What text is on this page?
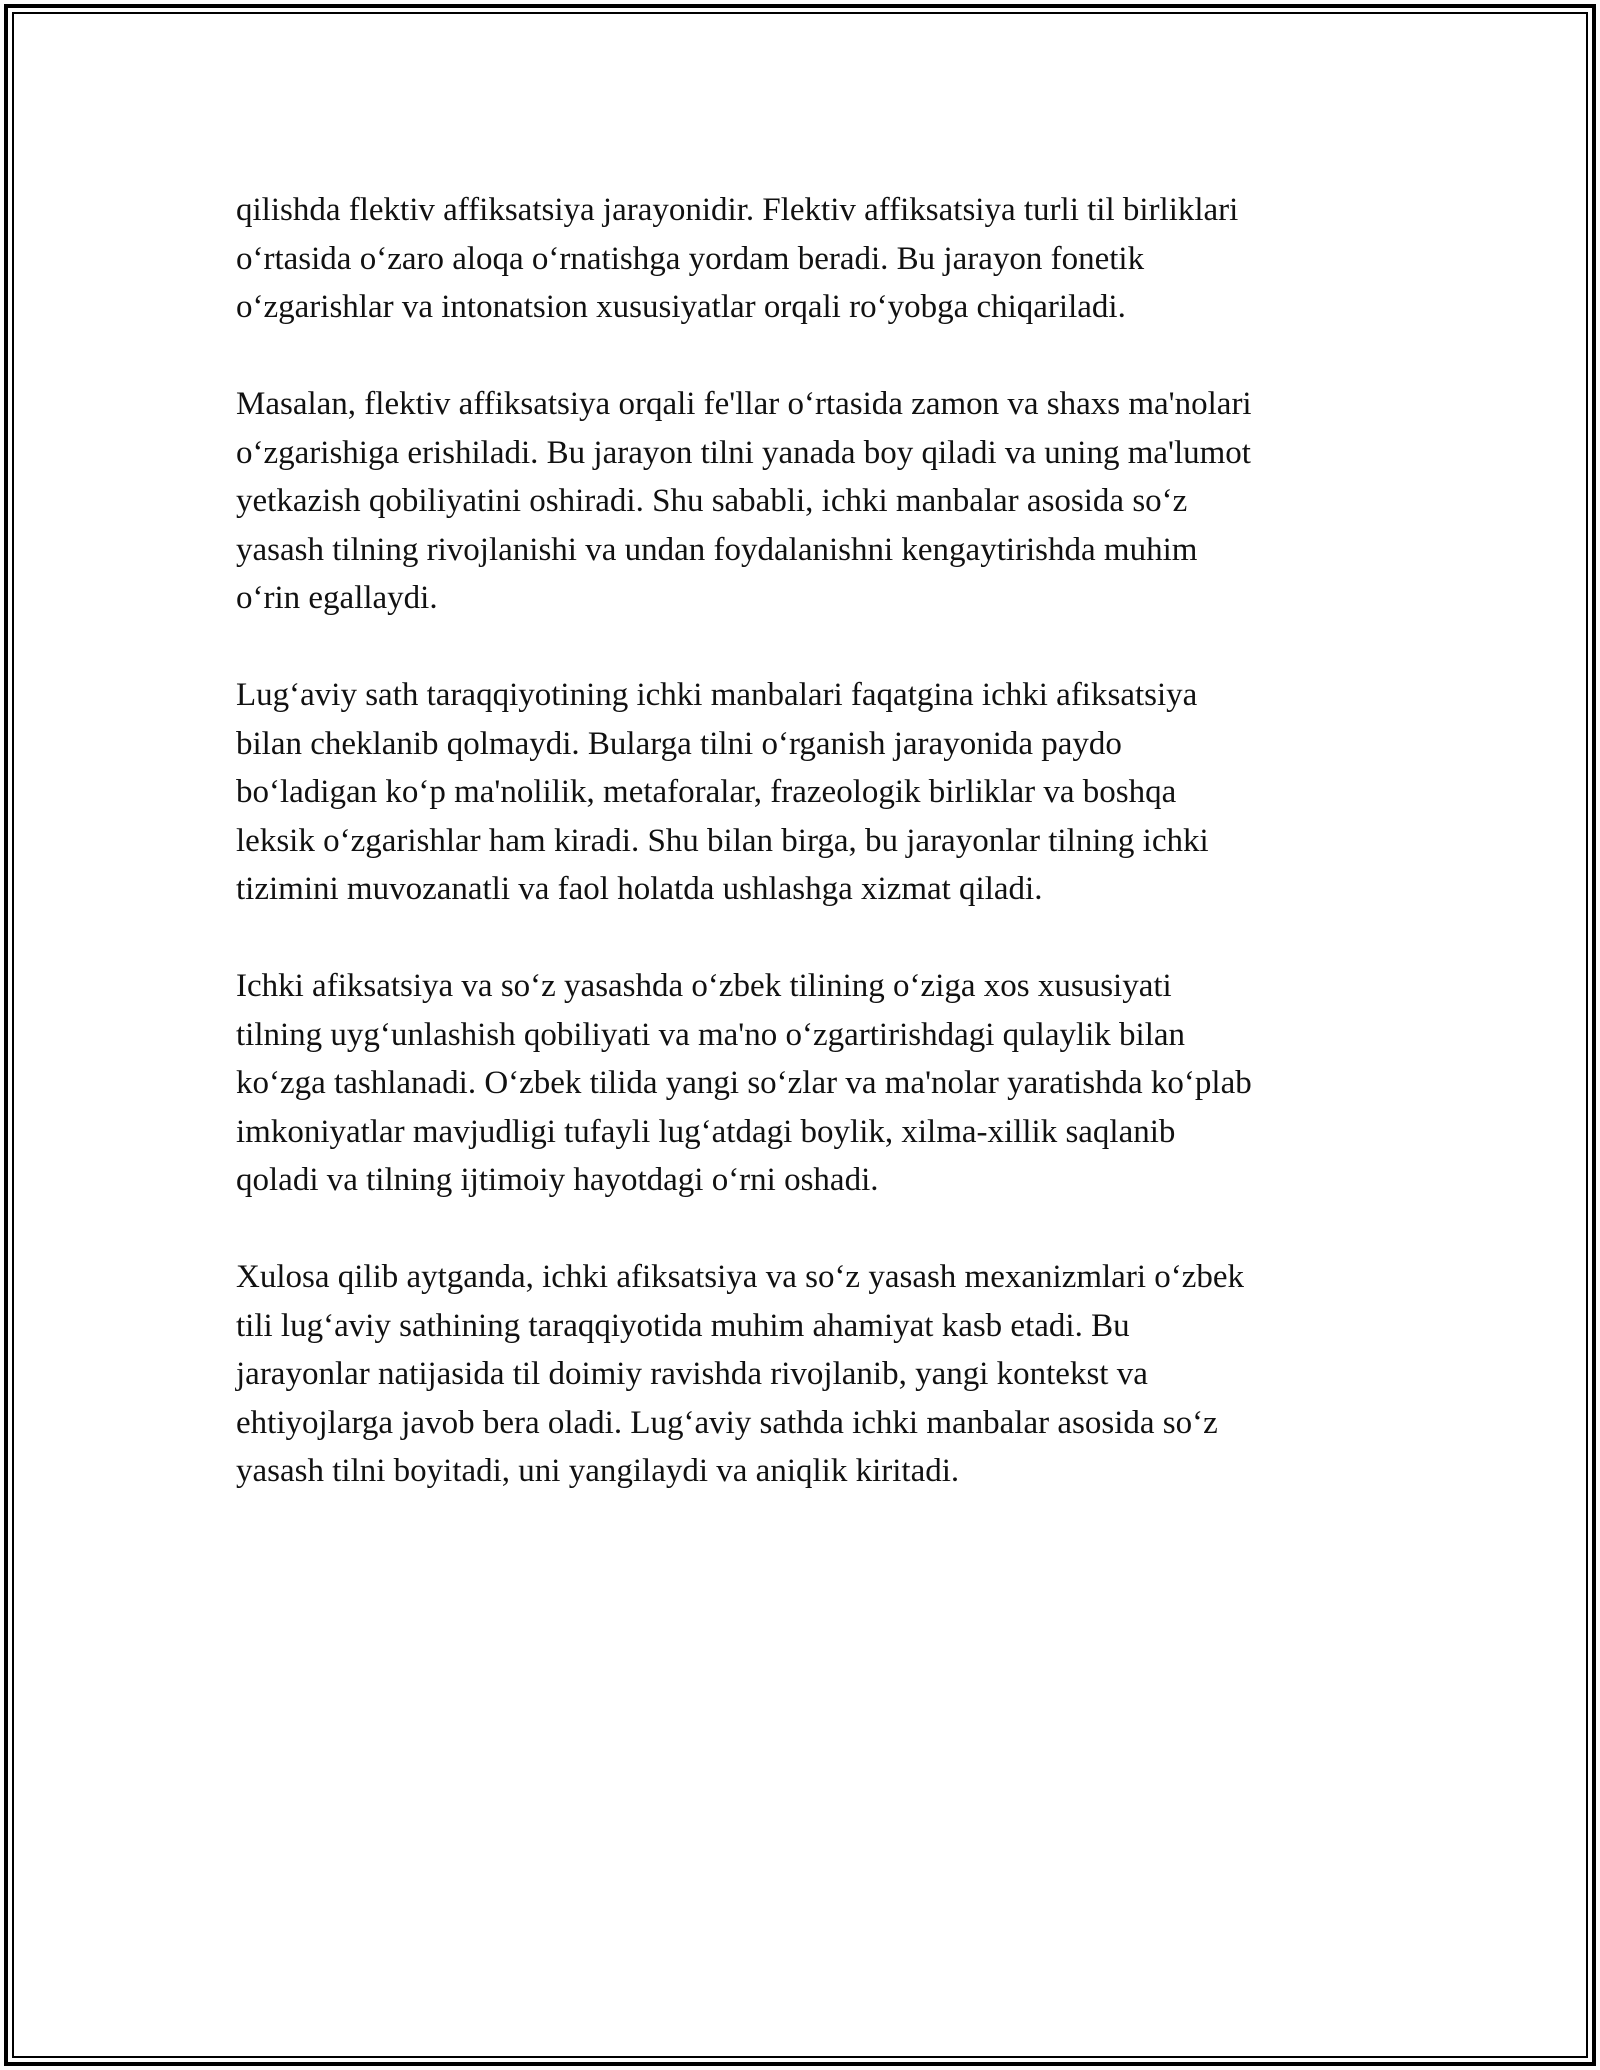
qilishda flektiv affiksatsiya jarayonidir. Flektiv affiksatsiya turli til birliklari
o‘rtasida o‘zaro aloqa o‘rnatishga yordam beradi. Bu jarayon fonetik
o‘zgarishlar va intonatsion xususiyatlar orqali ro‘yobga chiqariladi.

Masalan, flektiv affiksatsiya orqali fe'llar o‘rtasida zamon va shaxs ma'nolari
o‘zgarishiga erishiladi. Bu jarayon tilni yanada boy qiladi va uning ma'lumot
yetkazish qobiliyatini oshiradi. Shu sababli, ichki manbalar asosida so‘z
yasash tilning rivojlanishi va undan foydalanishni kengaytirishda muhim
o‘rin egallaydi.

Lug‘aviy sath taraqqiyotining ichki manbalari faqatgina ichki afiksatsiya
bilan cheklanib qolmaydi. Bularga tilni o‘rganish jarayonida paydo
bo‘ladigan ko‘p ma'nolilik, metaforalar, frazeologik birliklar va boshqa
leksik o‘zgarishlar ham kiradi. Shu bilan birga, bu jarayonlar tilning ichki
tizimini muvozanatli va faol holatda ushlashga xizmat qiladi.

Ichki afiksatsiya va so‘z yasashda o‘zbek tilining o‘ziga xos xususiyati
tilning uyg‘unlashish qobiliyati va ma'no o‘zgartirishdagi qulaylik bilan
ko‘zga tashlanadi. O‘zbek tilida yangi so‘zlar va ma'nolar yaratishda ko‘plab
imkoniyatlar mavjudligi tufayli lug‘atdagi boylik, xilma-xillik saqlanib
qoladi va tilning ijtimoiy hayotdagi o‘rni oshadi.

Xulosa qilib aytganda, ichki afiksatsiya va so‘z yasash mexanizmlari o‘zbek
tili lug‘aviy sathining taraqqiyotida muhim ahamiyat kasb etadi. Bu
jarayonlar natijasida til doimiy ravishda rivojlanib, yangi kontekst va
ehtiyojlarga javob bera oladi. Lug‘aviy sathda ichki manbalar asosida so‘z
yasash tilni boyitadi, uni yangilaydi va aniqlik kiritadi.
